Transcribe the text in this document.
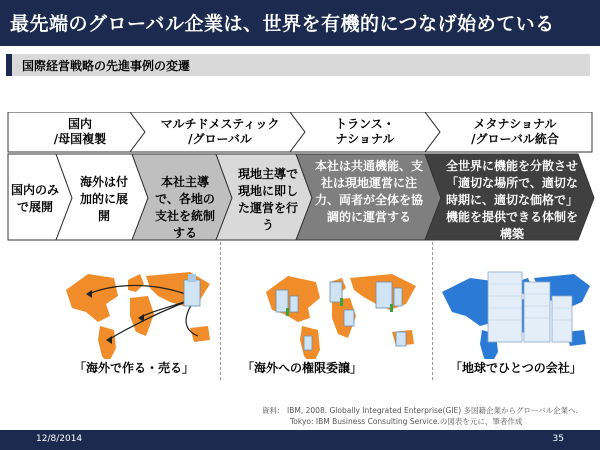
最先端のグローバル企業は、世界を有機的につなげ始めている
国際経営戦略の先進事例の変遷
国内
/母国複製
マルチドメスティック
/グローバル
トランス・
ナショナル
メタナショナル
/グローバル統合
国内のみで展開
海外は付加的に展開
本社主導で、各地の支社を統制する
現地主導で現地に即した運営を行う
本社は共通機能、支社は現地運営に注力、両者が全体を協調的に運営する
全世界に機能を分散させ「適切な場所で、適切な時期に、適切な価格で」機能を提供できる体制を構築
「海外で作る・売る」	「海外への権限委譲」	「地球でひとつの会社」
資料:　IBM, 2008. Globally Integrated Enterprise(GIE) 多国籍企業からグローバル企業へ.
Tokyo: IBM Business Consulting Service.の図表を元に、筆者作成
12/8/2014	35
